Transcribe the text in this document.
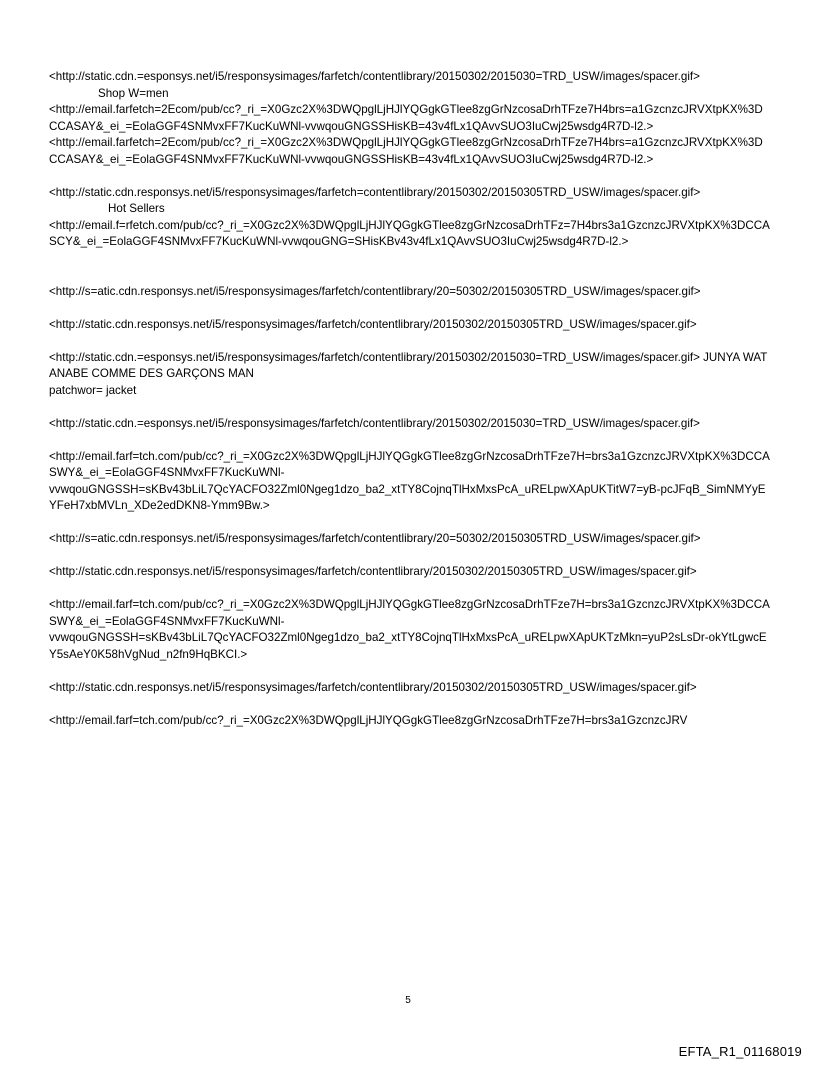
<http://static.cdn.=esponsys.net/i5/responsysimages/farfetch/contentlibrary/20150302/2015030=TRD_USW/images/spacer.gif>

Shop W=men

<http://email.farfetch=2Ecom/pub/cc?_ri_=X0Gzc2X%3DWQpglLjHJlYQGgkGTlee8zgGrNzcosaDrhTFze7H4brs=a1GzcnzcJRVXtpKX%3DCCASAY&_ei_=EolaGGF4SNMvxFF7KucKuWNl-vvwqouGNGSSHisKB=43v4fLx1QAvvSUO3IuCwj25wsdg4R7D-l2.>

<http://email.farfetch=2Ecom/pub/cc?_ri_=X0Gzc2X%3DWQpglLjHJlYQGgkGTlee8zgGrNzcosaDrhTFze7H4brs=a1GzcnzcJRVXtpKX%3DCCASAY&_ei_=EolaGGF4SNMvxFF7KucKuWNl-vvwqouGNGSSHisKB=43v4fLx1QAvvSUO3IuCwj25wsdg4R7D-l2.>

<http://static.cdn.responsys.net/i5/responsysimages/farfetch=contentlibrary/20150302/20150305TRD_USW/images/spacer.gif>

Hot Sellers

<http://email.f=rfetch.com/pub/cc?_ri_=X0Gzc2X%3DWQpglLjHJlYQGgkGTlee8zgGrNzcosaDrhTFz=7H4brs3a1GzcnzcJRVXtpKX%3DCCASCY&_ei_=EolaGGF4SNMvxFF7KucKuWNl-vvwqouGNG=SHisKBv43v4fLx1QAvvSUO3IuCwj25wsdg4R7D-l2.>

<http://s=atic.cdn.responsys.net/i5/responsysimages/farfetch/contentlibrary/20=50302/20150305TRD_USW/images/spacer.gif>

<http://static.cdn.responsys.net/i5/responsysimages/farfetch/contentlibrary/20150302/20150305TRD_USW/images/spacer.gif>

<http://static.cdn.=esponsys.net/i5/responsysimages/farfetch/contentlibrary/20150302/2015030=TRD_USW/images/spacer.gif> JUNYA WATANABE COMME DES GARÇONS MAN

patchwor= jacket

<http://static.cdn.=esponsys.net/i5/responsysimages/farfetch/contentlibrary/20150302/2015030=TRD_USW/images/spacer.gif>

<http://email.farf=tch.com/pub/cc?_ri_=X0Gzc2X%3DWQpglLjHJlYQGgkGTlee8zgGrNzcosaDrhTFze7H=brs3a1GzcnzcJRVXtpKX%3DCCASWY&_ei_=EolaGGF4SNMvxFF7KucKuWNl-

vvwqouGNGSSH=sKBv43bLiL7QcYACFO32Zml0Ngeg1dzo_ba2_xtTY8CojnqTlHxMxsPcA_uRELpwXApUKTitW7=yB-pcJFqB_SimNMYyEYFeH7xbMVLn_XDe2edDKN8-Ymm9Bw.>

<http://s=atic.cdn.responsys.net/i5/responsysimages/farfetch/contentlibrary/20=50302/20150305TRD_USW/images/spacer.gif>

<http://static.cdn.responsys.net/i5/responsysimages/farfetch/contentlibrary/20150302/20150305TRD_USW/images/spacer.gif>

<http://email.farf=tch.com/pub/cc?_ri_=X0Gzc2X%3DWQpglLjHJlYQGgkGTlee8zgGrNzcosaDrhTFze7H=brs3a1GzcnzcJRVXtpKX%3DCCASWY&_ei_=EolaGGF4SNMvxFF7KucKuWNl-

vvwqouGNGSSH=sKBv43bLiL7QcYACFO32Zml0Ngeg1dzo_ba2_xtTY8CojnqTlHxMxsPcA_uRELpwXApUKTzMkn=yuP2sLsDr-okYtLgwcEY5sAeY0K58hVgNud_n2fn9HqBKCI.>

<http://static.cdn.responsys.net/i5/responsysimages/farfetch/contentlibrary/20150302/20150305TRD_USW/images/spacer.gif>

<http://email.farf=tch.com/pub/cc?_ri_=X0Gzc2X%3DWQpglLjHJlYQGgkGTlee8zgGrNzcosaDrhTFze7H=brs3a1GzcnzcJRV

5
EFTA_R1_01168019
